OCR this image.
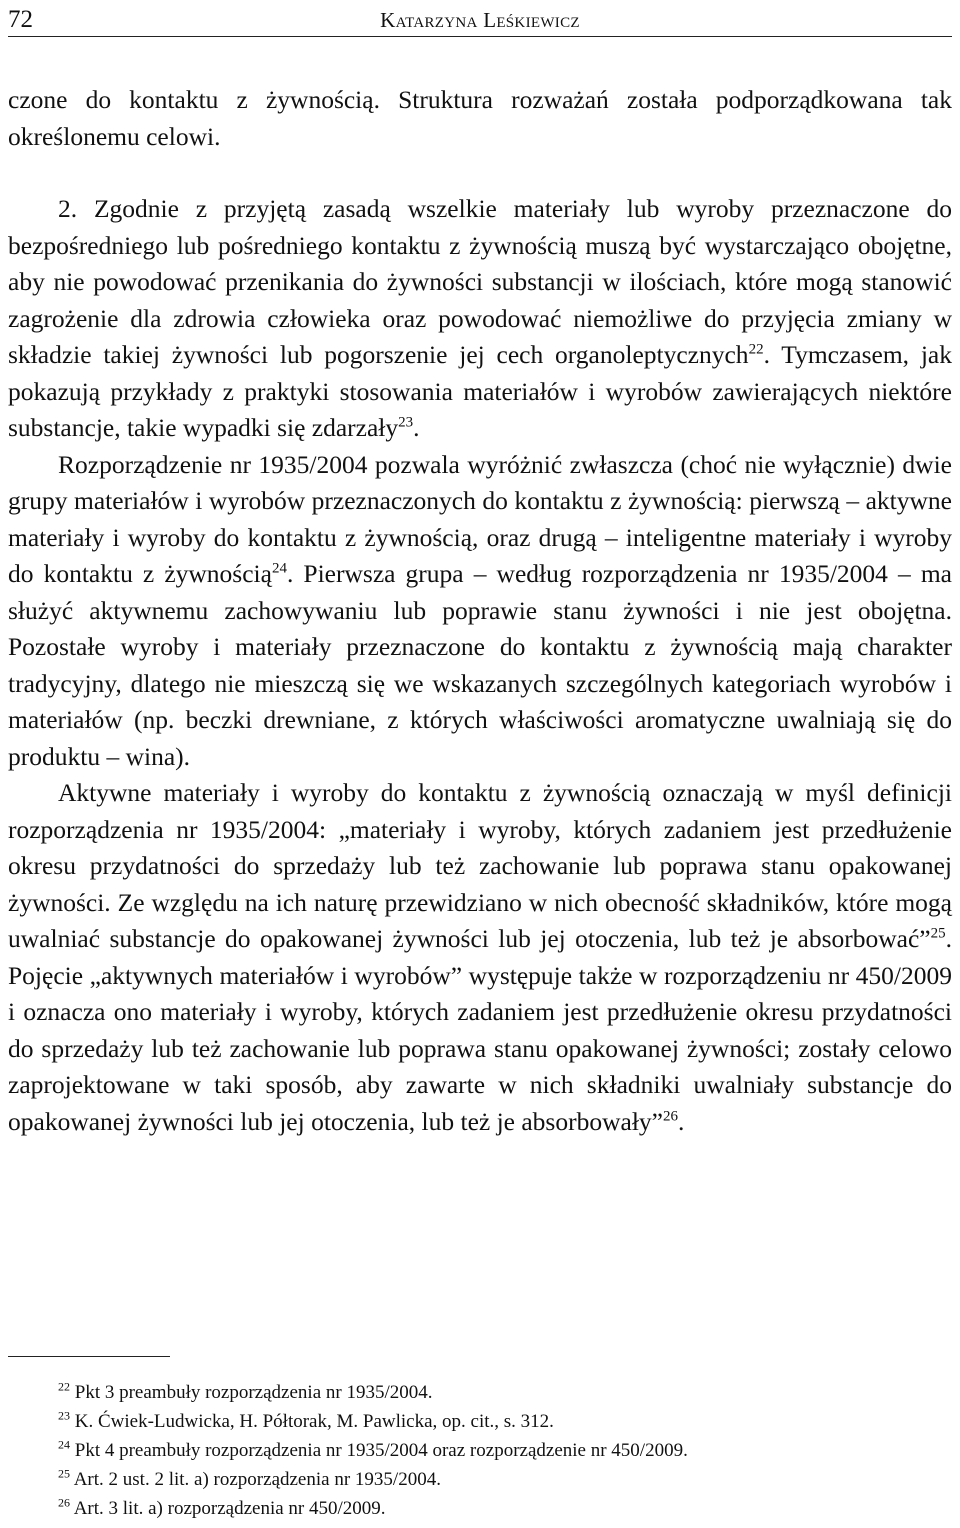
72	Katarzyna Leśkiewicz

czone do kontaktu z żywnością. Struktura rozważań została podporządkowana tak określonemu celowi.

2. Zgodnie z przyjętą zasadą wszelkie materiały lub wyroby przeznaczone do bezpośredniego lub pośredniego kontaktu z żywnością muszą być wystarczająco obojętne, aby nie powodować przenikania do żywności substancji w ilościach, które mogą stanowić zagrożenie dla zdrowia człowieka oraz powodować niemożliwe do przyjęcia zmiany w składzie takiej żywności lub pogorszenie jej cech organoleptycznych$^{22}$. Tymczasem, jak pokazują przykłady z praktyki stosowania materiałów i wyrobów zawierających niektóre substancje, takie wypadki się zdarzały$^{23}$.

Rozporządzenie nr 1935/2004 pozwala wyróżnić zwłaszcza (choć nie wyłącznie) dwie grupy materiałów i wyrobów przeznaczonych do kontaktu z żywnością: pierwszą – aktywne materiały i wyroby do kontaktu z żywnością, oraz drugą – inteligentne materiały i wyroby do kontaktu z żywnością$^{24}$. Pierwsza grupa – według rozporządzenia nr 1935/2004 – ma służyć aktywnemu zachowywaniu lub poprawie stanu żywności i nie jest obojętna. Pozostałe wyroby i materiały przeznaczone do kontaktu z żywnością mają charakter tradycyjny, dlatego nie mieszczą się we wskazanych szczególnych kategoriach wyrobów i materiałów (np. beczki drewniane, z których właściwości aromatyczne uwalniają się do produktu – wina).

Aktywne materiały i wyroby do kontaktu z żywnością oznaczają w myśl definicji rozporządzenia nr 1935/2004: „materiały i wyroby, których zadaniem jest przedłużenie okresu przydatności do sprzedaży lub też zachowanie lub poprawa stanu opakowanej żywności. Ze względu na ich naturę przewidziano w nich obecność składników, które mogą uwalniać substancje do opakowanej żywności lub jej otoczenia, lub też je absorbować”$^{25}$. Pojęcie „aktywnych materiałów i wyrobów” występuje także w rozporządzeniu nr 450/2009 i oznacza ono materiały i wyroby, których zadaniem jest przedłużenie okresu przydatności do sprzedaży lub też zachowanie lub poprawa stanu opakowanej żywności; zostały celowo zaprojektowane w taki sposób, aby zawarte w nich składniki uwalniały substancje do opakowanej żywności lub jej otoczenia, lub też je absorbowały”$^{26}$.

$^{22}$ Pkt 3 preambuły rozporządzenia nr 1935/2004.
$^{23}$ K. Ćwiek-Ludwicka, H. Półtorak, M. Pawlicka, op. cit., s. 312.
$^{24}$ Pkt 4 preambuły rozporządzenia nr 1935/2004 oraz rozporządzenie nr 450/2009.
$^{25}$ Art. 2 ust. 2 lit. a) rozporządzenia nr 1935/2004.
$^{26}$ Art. 3 lit. a) rozporządzenia nr 450/2009.
